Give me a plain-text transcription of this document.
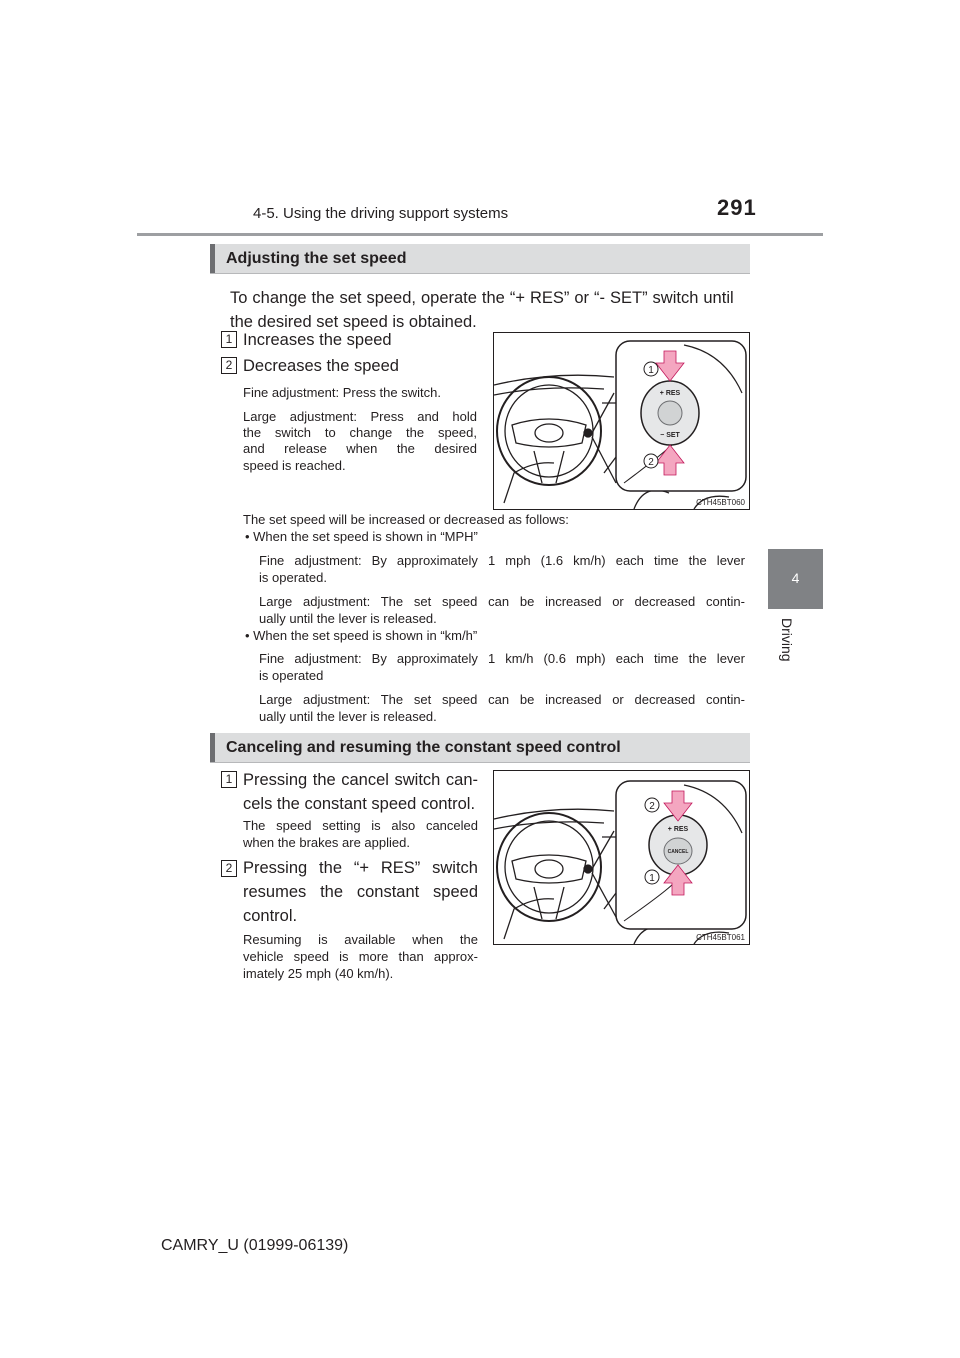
4-5. Using the driving support systems	291
4
Driving
Adjusting the set speed
To change the set speed, operate the “+ RES” or “- SET” switch until
the desired set speed is obtained.
1 Increases the speed
2 Decreases the speed
Fine adjustment: Press the switch.
Large adjustment: Press and hold
the switch to change the speed,
and release when the desired
speed is reached.
+ RES
− SET
1
2
CTH45BT060
The set speed will be increased or decreased as follows:
• When the set speed is shown in “MPH”
Fine adjustment: By approximately 1 mph (1.6 km/h) each time the lever
is operated.
Large adjustment: The set speed can be increased or decreased contin-
ually until the lever is released.
• When the set speed is shown in “km/h”
Fine adjustment: By approximately 1 km/h (0.6 mph) each time the lever
is operated
Large adjustment: The set speed can be increased or decreased contin-
ually until the lever is released.
Canceling and resuming the constant speed control
1 Pressing the cancel switch can-
cels the constant speed control.
The speed setting is also canceled
when the brakes are applied.
2 Pressing the “+ RES” switch
resumes the constant speed
control.
Resuming is available when the
vehicle speed is more than approx-
imately 25 mph (40 km/h).
+ RES
CANCEL
2
1
CTH45BT061
CAMRY_U (01999-06139)
